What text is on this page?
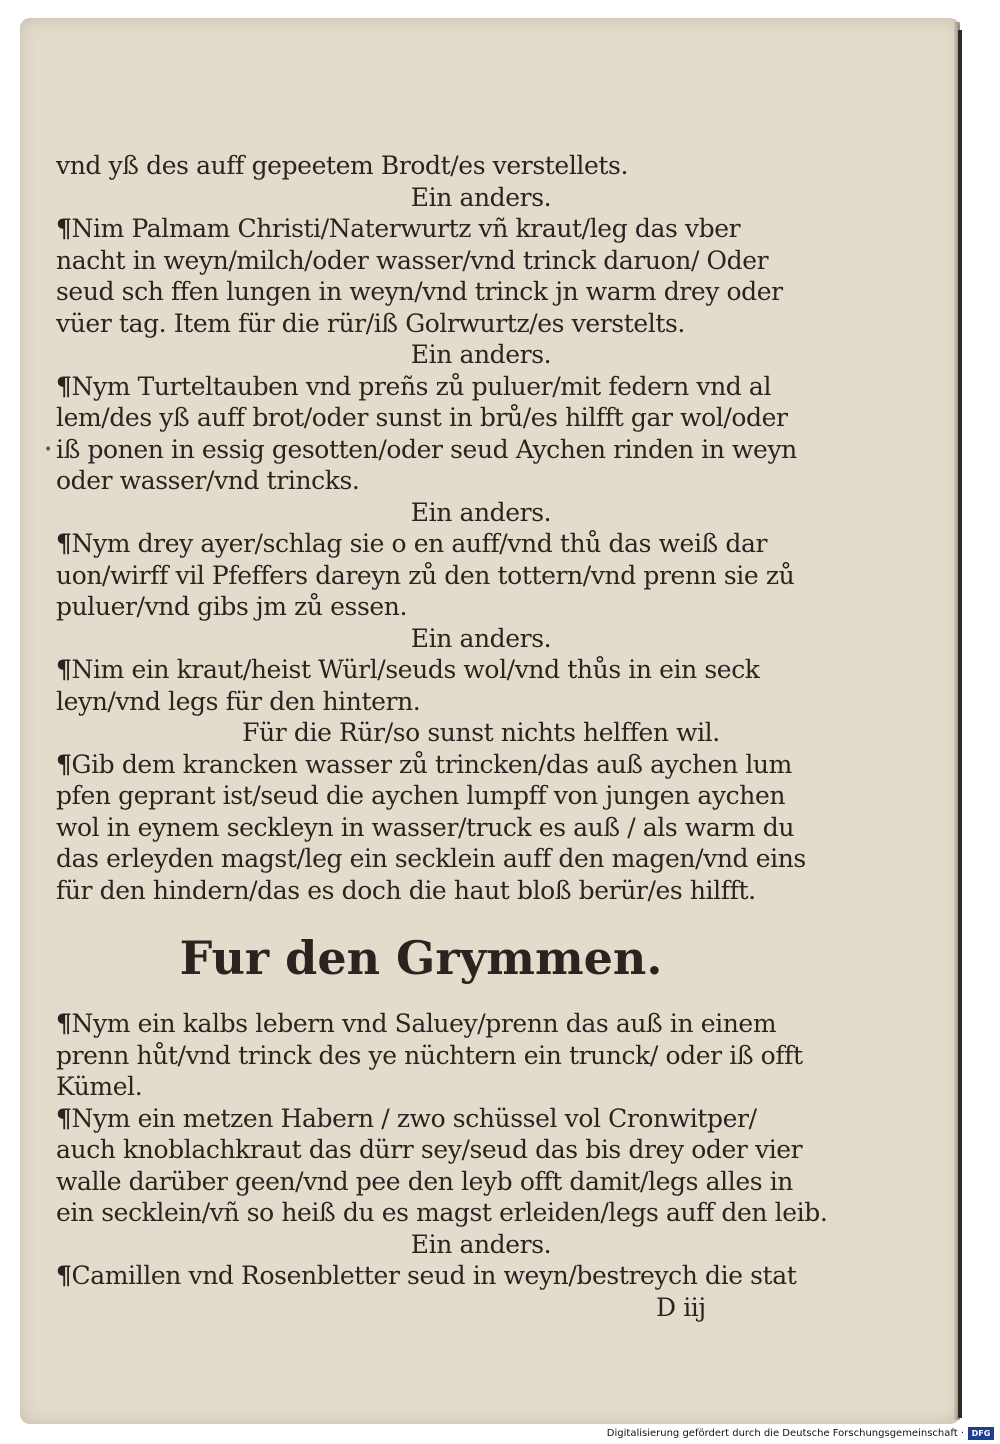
•
vnd yß des auff gepeetem Brodt/es verstellets.
Ein anders.
¶Nim Palmam Christi/Naterwurtz vñ kraut/leg das vber
nacht in weyn/milch/oder wasser/vnd trinck daruon/ Oder
seud sch ffen lungen in weyn/vnd trinck jn warm drey oder
vüer tag. Item für die rür/iß Golrwurtz/es verstelts.
Ein anders.
¶Nym Turteltauben vnd preñs zů puluer/mit federn vnd al
lem/des yß auff brot/oder sunst in brů/es hilfft gar wol/oder
iß ponen in essig gesotten/oder seud Aychen rinden in weyn
oder wasser/vnd trincks.
Ein anders.
¶Nym drey ayer/schlag sie o en auff/vnd thů das weiß dar
uon/wirff vil Pfeffers dareyn zů den tottern/vnd prenn sie zů
puluer/vnd gibs jm zů essen.
Ein anders.
¶Nim ein kraut/heist Würl/seuds wol/vnd thůs in ein seck
leyn/vnd legs für den hintern.
Für die Rür/so sunst nichts helffen wil.
¶Gib dem krancken wasser zů trincken/das auß aychen lum
pfen geprant ist/seud die aychen lumpff von jungen aychen
wol in eynem seckleyn in wasser/truck es auß / als warm du
das erleyden magst/leg ein secklein auff den magen/vnd eins
für den hindern/das es doch die haut bloß berür/es hilfft.
Fur den Grymmen.
¶Nym ein kalbs lebern vnd Saluey/prenn das auß in einem
prenn hůt/vnd trinck des ye nüchtern ein trunck/ oder iß offt
Kümel.
¶Nym ein metzen Habern / zwo schüssel vol Cronwitper/
auch knoblachkraut das dürr sey/seud das bis drey oder vier
walle darüber geen/vnd pee den leyb offt damit/legs alles in
ein secklein/vñ so heiß du es magst erleiden/legs auff den leib.
Ein anders.
¶Camillen vnd Rosenbletter seud in weyn/bestreych die stat
D iij
Digitalisierung gefördert durch die Deutsche Forschungsgemeinschaft · DFG
